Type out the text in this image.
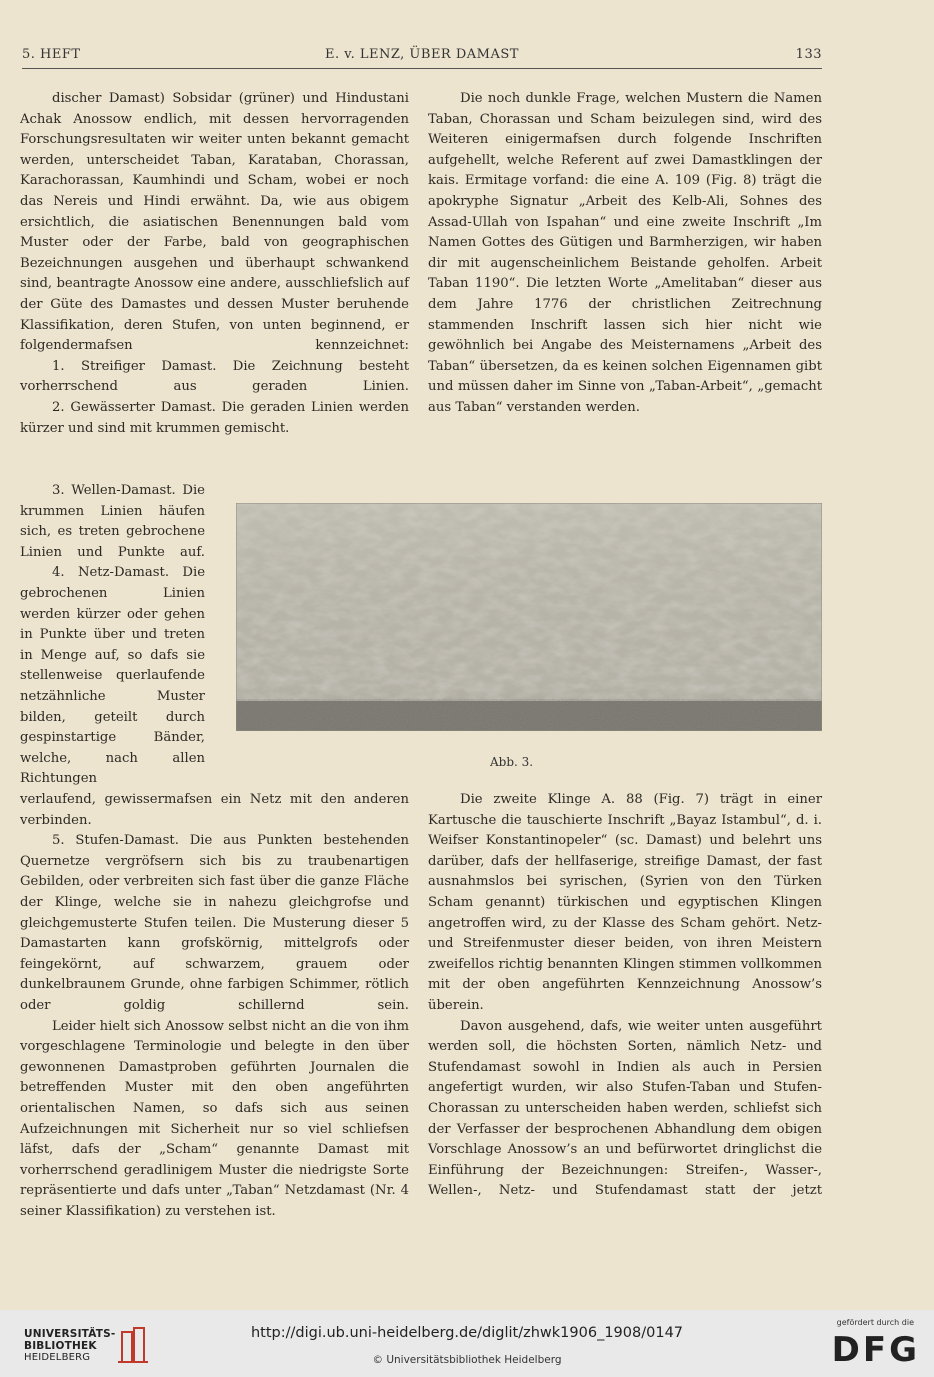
5. HEFT	E. v. LENZ, ÜBER DAMAST	133

discher Damast) Sobsidar (grüner) und Hindustani Achak Anossow endlich, mit dessen hervorragenden Forschungsresultaten wir weiter unten bekannt gemacht werden, unterscheidet Taban, Karataban, Chorassan, Karachorassan, Kaumhindi und Scham, wobei er noch das Nereis und Hindi erwähnt. Da, wie aus obigem ersichtlich, die asiatischen Benennungen bald vom Muster oder der Farbe, bald von geographischen Bezeichnungen ausgehen und überhaupt schwankend sind, beantragte Anossow eine andere, ausschliefslich auf der Güte des Damastes und dessen Muster beruhende Klassifikation, deren Stufen, von unten beginnend, er folgendermafsen kennzeichnet:

1. Streifiger Damast. Die Zeichnung besteht vorherrschend aus geraden Linien.

2. Gewässerter Damast. Die geraden Linien werden kürzer und sind mit krummen gemischt.

3. Wellen-Damast. Die krummen Linien häufen sich, es treten gebrochene Linien und Punkte auf.

4. Netz-Damast. Die gebrochenen Linien werden kürzer oder gehen in Punkte über und treten in Menge auf, so dafs sie stellenweise querlaufende netzähnliche Muster bilden, geteilt durch gespinstartige Bänder, welche, nach allen Richtungen

verlaufend, gewissermafsen ein Netz mit den anderen verbinden.

5. Stufen-Damast. Die aus Punkten bestehenden Quernetze vergröfsern sich bis zu traubenartigen Gebilden, oder verbreiten sich fast über die ganze Fläche der Klinge, welche sie in nahezu gleichgrofse und gleichgemusterte Stufen teilen. Die Musterung dieser 5 Damastarten kann grofskörnig, mittelgrofs oder feingekörnt, auf schwarzem, grauem oder dunkelbraunem Grunde, ohne farbigen Schimmer, rötlich oder goldig schillernd sein.

Leider hielt sich Anossow selbst nicht an die von ihm vorgeschlagene Terminologie und belegte in den über gewonnenen Damastproben geführten Journalen die betreffenden Muster mit den oben angeführten orientalischen Namen, so dafs sich aus seinen Aufzeichnungen mit Sicherheit nur so viel schliefsen läfst, dafs der „Scham“ genannte Damast mit vorherrschend geradlinigem Muster die niedrigste Sorte repräsentierte und dafs unter „Taban“ Netzdamast (Nr. 4 seiner Klassifikation) zu verstehen ist.

Die noch dunkle Frage, welchen Mustern die Namen Taban, Chorassan und Scham beizulegen sind, wird des Weiteren einigermafsen durch folgende Inschriften aufgehellt, welche Referent auf zwei Damastklingen der kais. Ermitage vorfand: die eine A. 109 (Fig. 8) trägt die apokryphe Signatur „Arbeit des Kelb-Ali, Sohnes des Assad-Ullah von Ispahan“ und eine zweite Inschrift „Im Namen Gottes des Gütigen und Barmherzigen, wir haben dir mit augenscheinlichem Beistande geholfen. Arbeit Taban 1190“. Die letzten Worte „Amelitaban“ dieser aus dem Jahre 1776 der christlichen Zeitrechnung stammenden Inschrift lassen sich hier nicht wie gewöhnlich bei Angabe des Meisternamens „Arbeit des Taban“ übersetzen, da es keinen solchen Eigennamen gibt und müssen daher im Sinne von „Taban-Arbeit“, „gemacht aus Taban“ verstanden werden.

Abb. 3.

Die zweite Klinge A. 88 (Fig. 7) trägt in einer Kartusche die tauschierte Inschrift „Bayaz Istambul“, d. i. Weifser Konstantinopeler“ (sc. Damast) und belehrt uns darüber, dafs der hellfaserige, streifige Damast, der fast ausnahmslos bei syrischen, (Syrien von den Türken Scham genannt) türkischen und egyptischen Klingen angetroffen wird, zu der Klasse des Scham gehört. Netz- und Streifenmuster dieser beiden, von ihren Meistern zweifellos richtig benannten Klingen stimmen vollkommen mit der oben angeführten Kennzeichnung Anossow’s überein.

Davon ausgehend, dafs, wie weiter unten ausgeführt werden soll, die höchsten Sorten, nämlich Netz- und Stufendamast sowohl in Indien als auch in Persien angefertigt wurden, wir also Stufen-Taban und Stufen-Chorassan zu unterscheiden haben werden, schliefst sich der Verfasser der besprochenen Abhandlung dem obigen Vorschlage Anossow’s an und befürwortet dringlichst die Einführung der Bezeichnungen: Streifen-, Wasser-, Wellen-, Netz- und Stufendamast statt der jetzt

UNIVERSITÄTS-
BIBLIOTHEK
HEIDELBERG
http://digi.ub.uni-heidelberg.de/diglit/zhwk1906_1908/0147
© Universitätsbibliothek Heidelberg
gefördert durch die
DFG
